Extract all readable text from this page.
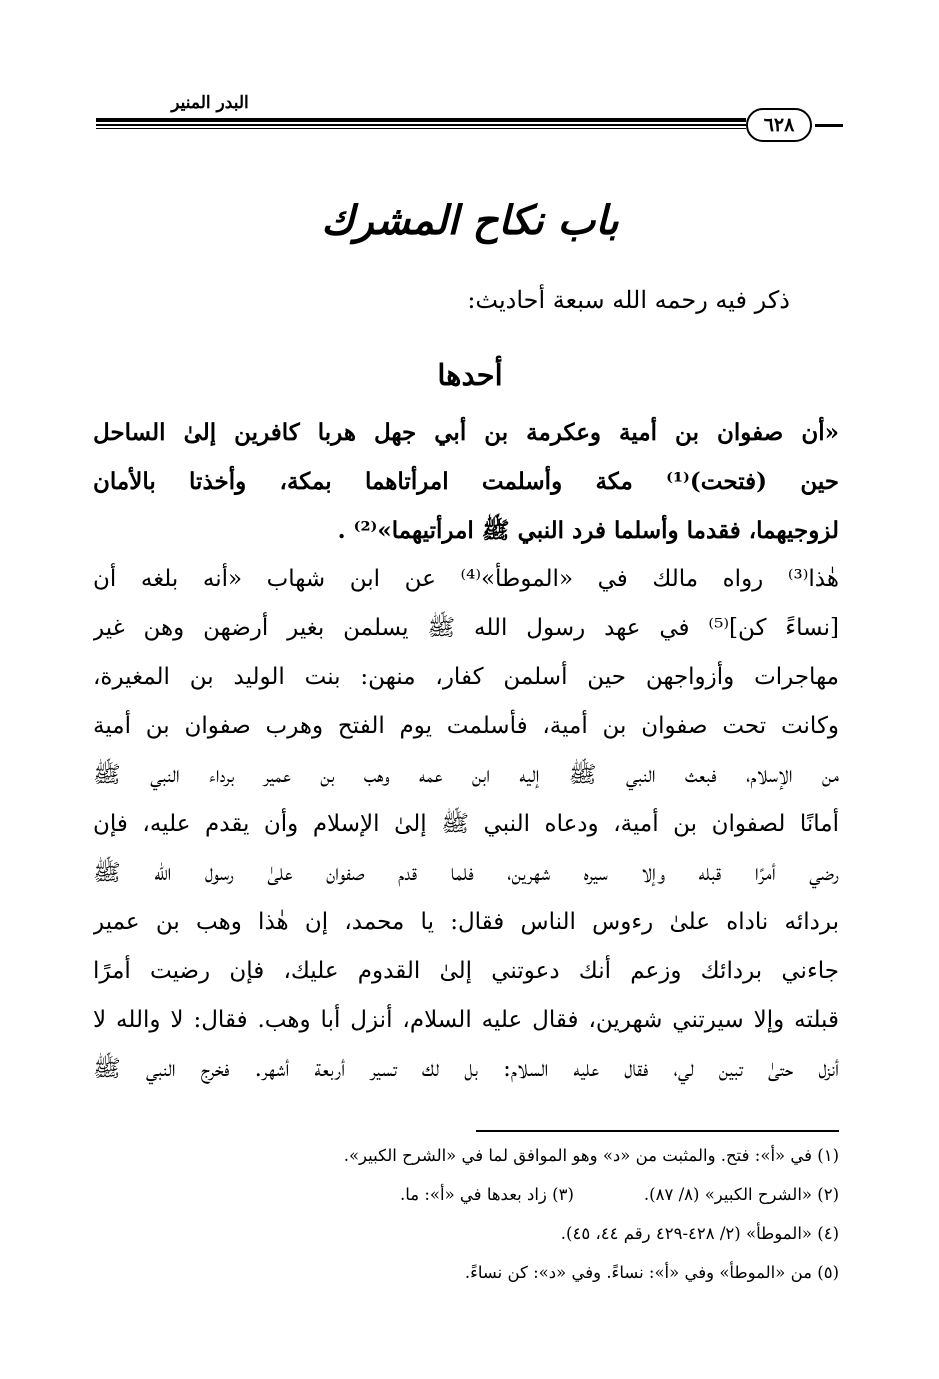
البدر المنير
٦٢٨
باب نكاح المشرك
ذكر فيه رحمه الله سبعة أحاديث:
أحدها
«أن صفوان بن أمية وعكرمة بن أبي جهل هربا كافرين إلىٰ الساحل
حين (فتحت)⁽¹⁾ مكة وأسلمت امرأتاهما بمكة، وأخذتا بالأمان
لزوجيهما، فقدما وأسلما فرد النبي ﷺ امرأتيهما»⁽²⁾ .
هٰذا⁽³⁾ رواه مالك في «الموطأ»⁽⁴⁾ عن ابن شهاب «أنه بلغه أن
[نساءً كن]⁽⁵⁾ في عهد رسول الله ﷺ يسلمن بغير أرضهن وهن غير
مهاجرات وأزواجهن حين أسلمن كفار، منهن: بنت الوليد بن المغيرة،
وكانت تحت صفوان بن أمية، فأسلمت يوم الفتح وهرب صفوان بن أمية
من الإسلام، فبعث النبي ﷺ إليه ابن عمه وهب بن عمير برداء النبي ﷺ
أمانًا لصفوان بن أمية، ودعاه النبي ﷺ إلىٰ الإسلام وأن يقدم عليه، فإن
رضي أمرًا قبله وإلا سيره شهرين، فلما قدم صفوان علىٰ رسول الله ﷺ
بردائه ناداه علىٰ رءوس الناس فقال: يا محمد، إن هٰذا وهب بن عمير
جاءني بردائك وزعم أنك دعوتني إلىٰ القدوم عليك، فإن رضيت أمرًا
قبلته وإلا سيرتني شهرين، فقال عليه السلام، أنزل أبا وهب. فقال: لا والله لا
أنزل حتىٰ تبين لي، فقال عليه السلام: بل لك تسير أربعة أشهر. فخرج النبي ﷺ
(١) في «أ»: فتح. والمثبت من «د» وهو الموافق لما في «الشرح الكبير».
(٢) «الشرح الكبير» (٨/ ٨٧).(٣) زاد بعدها في «أ»: ما.
(٤) «الموطأ» (٢/ ٤٢٨-٤٢٩ رقم ٤٤، ٤٥).
(٥) من «الموطأ» وفي «أ»: نساءً. وفي «د»: كن نساءً.
